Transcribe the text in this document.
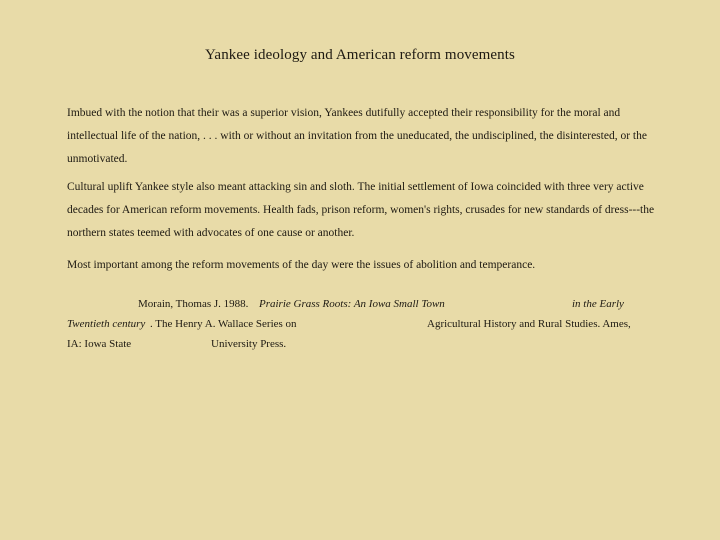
Yankee ideology and American reform movements
Imbued with the notion that their was a superior vision, Yankees dutifully accepted their responsibility for the moral and intellectual life of the nation, . . . with or without an invitation from the uneducated, the undisciplined, the disinterested, or the unmotivated.
Cultural uplift Yankee style also meant attacking sin and sloth. The initial settlement of Iowa coincided with three very active decades for American reform movements. Health fads, prison reform, women's rights, crusades for new standards of dress---the northern states teemed with advocates of one cause or another.
Most important among the reform movements of the day were the issues of abolition and temperance.
Morain, Thomas J. 1988. Prairie Grass Roots: An Iowa Small Town	in the Early
Twentieth century . The Henry A. Wallace Series on	Agricultural History and Rural Studies. Ames,
IA: Iowa State	University Press.
